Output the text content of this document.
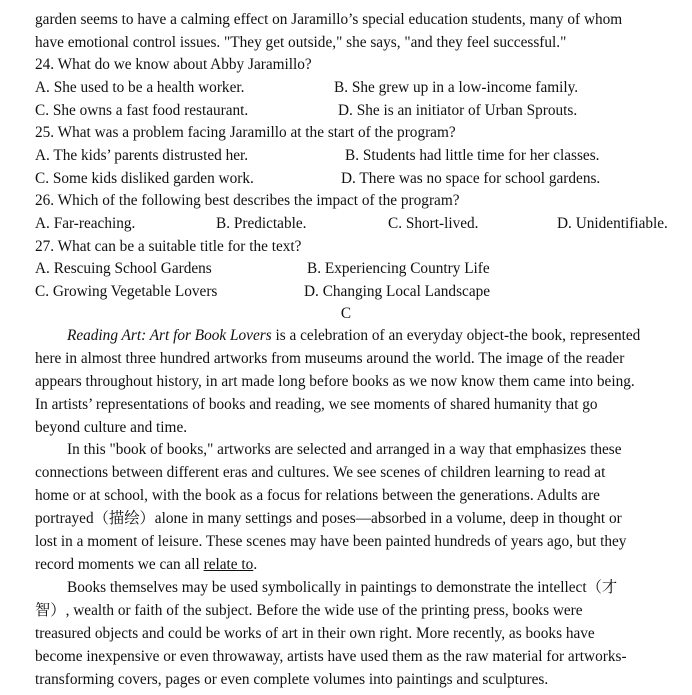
garden seems to have a calming effect on Jaramillo’s special education students, many of whom
have emotional control issues. "They get outside," she says, "and they feel successful."
24. What do we know about Abby Jaramillo?
A. She used to be a health worker.	B. She grew up in a low-income family.
C. She owns a fast food restaurant.	D. She is an initiator of Urban Sprouts.
25. What was a problem facing Jaramillo at the start of the program?
A. The kids’ parents distrusted her.	B. Students had little time for her classes.
C. Some kids disliked garden work.	D. There was no space for school gardens.
26. Which of the following best describes the impact of the program?
A. Far-reaching.	B. Predictable.	C. Short-lived.	D. Unidentifiable.
27. What can be a suitable title for the text?
A. Rescuing School Gardens	B. Experiencing Country Life
C. Growing Vegetable Lovers	D. Changing Local Landscape
C
Reading Art: Art for Book Lovers is a celebration of an everyday object-the book, represented
here in almost three hundred artworks from museums around the world. The image of the reader
appears throughout history, in art made long before books as we now know them came into being.
In artists’ representations of books and reading, we see moments of shared humanity that go
beyond culture and time.
In this "book of books," artworks are selected and arranged in a way that emphasizes these
connections between different eras and cultures. We see scenes of children learning to read at
home or at school, with the book as a focus for relations between the generations. Adults are
portrayed（描绘）alone in many settings and poses—absorbed in a volume, deep in thought or
lost in a moment of leisure. These scenes may have been painted hundreds of years ago, but they
record moments we can all relate to.
Books themselves may be used symbolically in paintings to demonstrate the intellect（才
智）, wealth or faith of the subject. Before the wide use of the printing press, books were
treasured objects and could be works of art in their own right. More recently, as books have
become inexpensive or even throwaway, artists have used them as the raw material for artworks-
transforming covers, pages or even complete volumes into paintings and sculptures.
